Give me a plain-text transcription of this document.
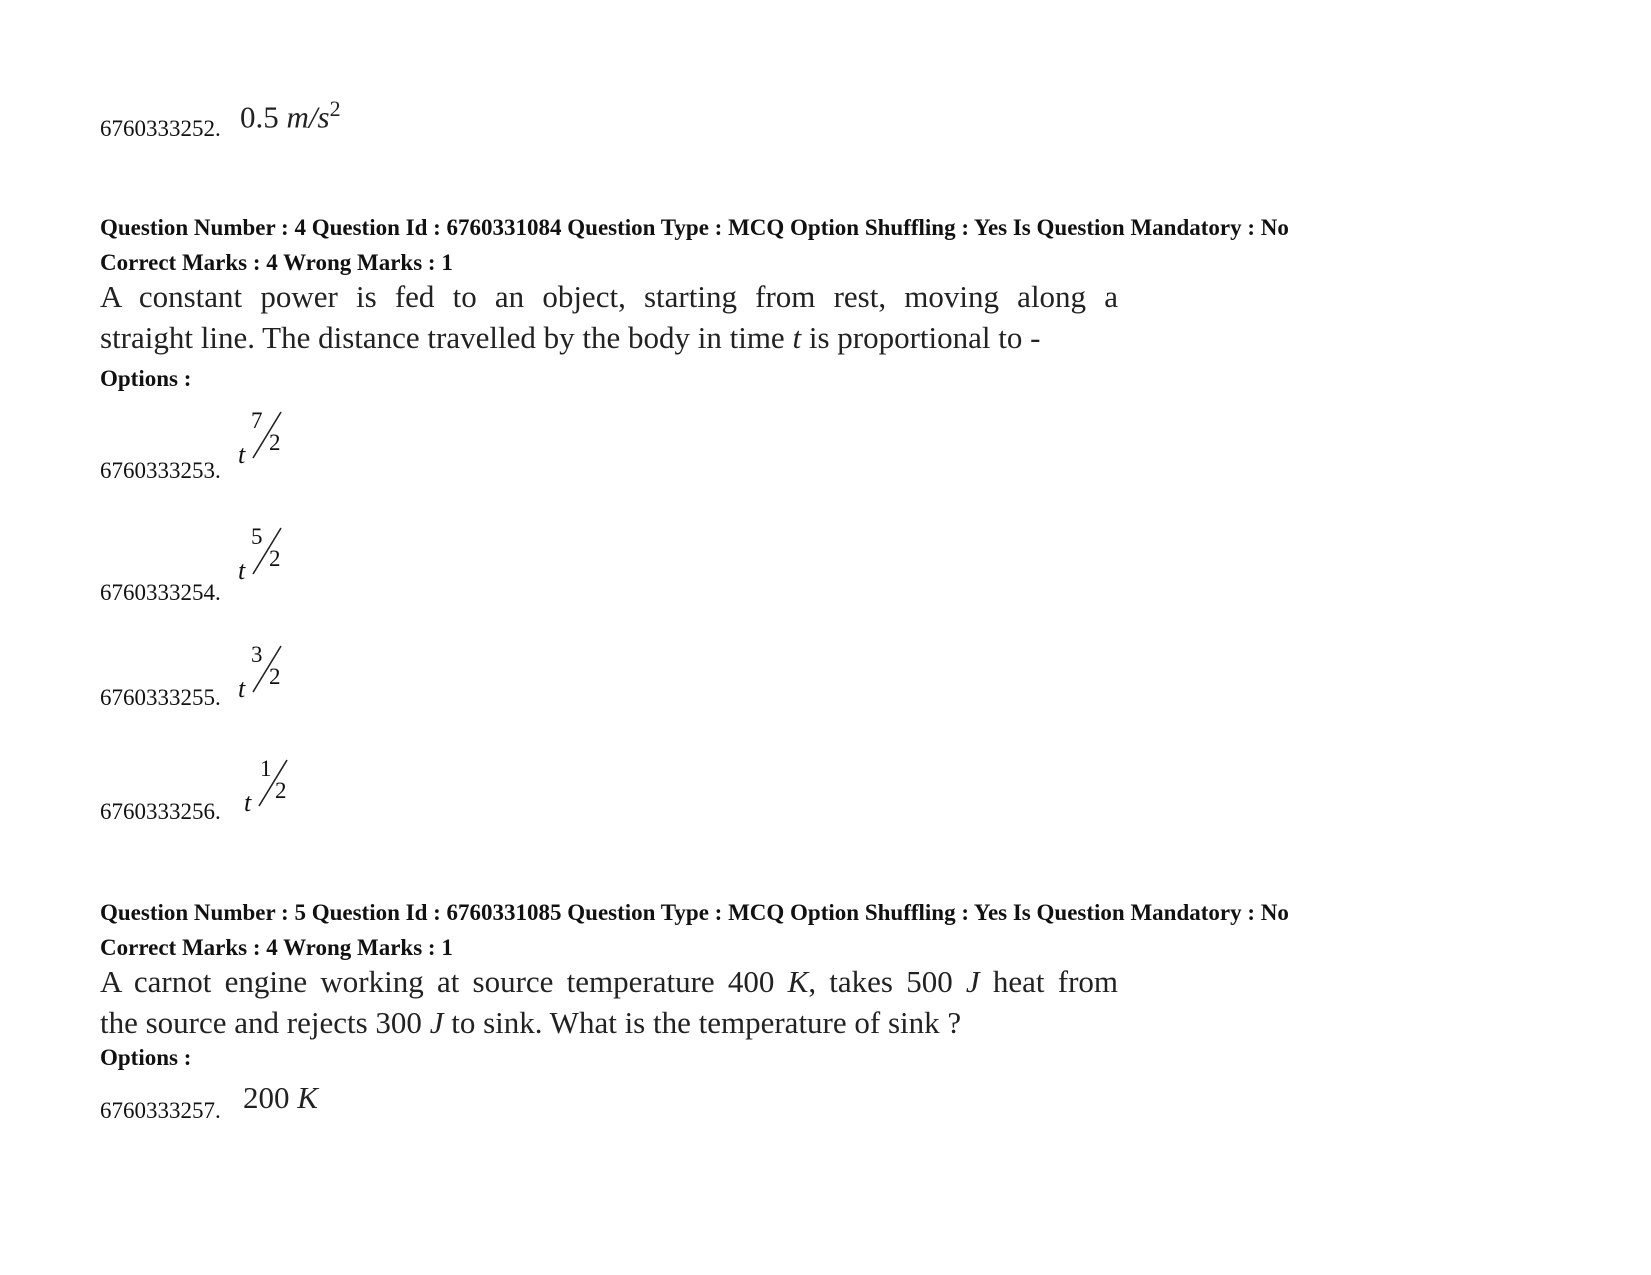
6760333252. 0.5 $m/s^2$
Question Number : 4 Question Id : 6760331084 Question Type : MCQ Option Shuffling : Yes Is Question Mandatory : No
Correct Marks : 4 Wrong Marks : 1
A constant power is fed to an object, starting from rest, moving along a
straight line. The distance travelled by the body in time t is proportional to -
Options :
6760333253.
t
7
2
6760333254.
t
5
2
6760333255. t
3
2
6760333256. t
1
2
Question Number : 5 Question Id : 6760331085 Question Type : MCQ Option Shuffling : Yes Is Question Mandatory : No
Correct Marks : 4 Wrong Marks : 1
A carnot engine working at source temperature 400 K, takes 500 J heat from
the source and rejects 300 J to sink. What is the temperature of sink ?
Options :
6760333257. 200 K
